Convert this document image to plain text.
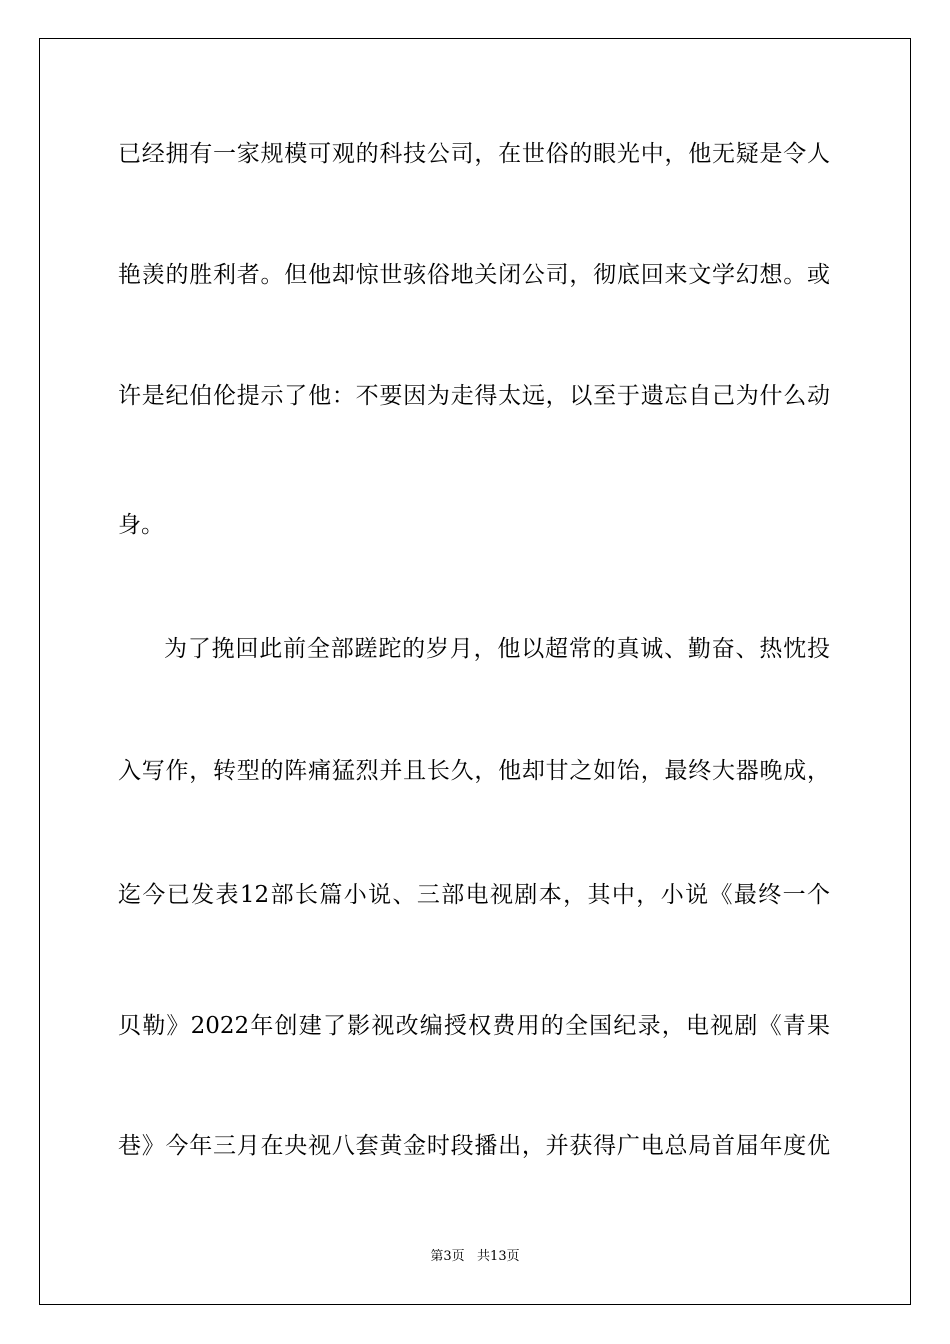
已经拥有一家规模可观的科技公司，在世俗的眼光中，他无疑是令人
艳羡的胜利者。但他却惊世骇俗地关闭公司，彻底回来文学幻想。或
许是纪伯伦提示了他：不要因为走得太远，以至于遗忘自己为什么动
身。
为了挽回此前全部蹉跎的岁月，他以超常的真诚、勤奋、热忱投
入写作，转型的阵痛猛烈并且长久，他却甘之如饴，最终大器晚成，
迄今已发表12部长篇小说、三部电视剧本，其中，小说《最终一个
贝勒》2022年创建了影视改编授权费用的全国纪录，电视剧《青果
巷》今年三月在央视八套黄金时段播出，并获得广电总局首届年度优
第3页   共13页
